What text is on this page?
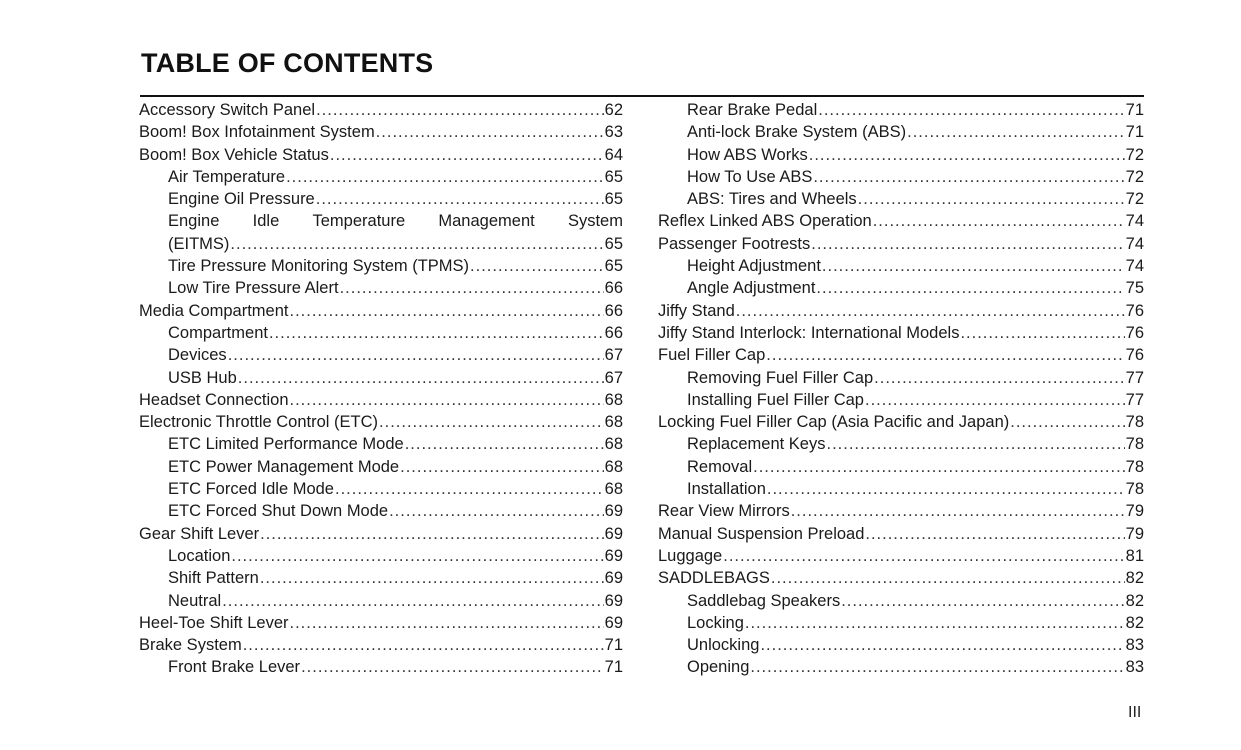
TABLE OF CONTENTS
Accessory Switch Panel .....	62
Boom! Box Infotainment System .....	63
Boom! Box Vehicle Status .....	64
Air Temperature .....	65
Engine Oil Pressure .....	65
Engine Idle Temperature Management System
(EITMS) .....	65
Tire Pressure Monitoring System (TPMS) .....	65
Low Tire Pressure Alert .....	66
Media Compartment .....	66
Compartment .....	66
Devices .....	67
USB Hub .....	67
Headset Connection .....	68
Electronic Throttle Control (ETC) .....	68
ETC Limited Performance Mode .....	68
ETC Power Management Mode .....	68
ETC Forced Idle Mode .....	68
ETC Forced Shut Down Mode .....	69
Gear Shift Lever .....	69
Location .....	69
Shift Pattern .....	69
Neutral .....	69
Heel-Toe Shift Lever .....	69
Brake System .....	71
Front Brake Lever .....	71
Rear Brake Pedal .....	71
Anti-lock Brake System (ABS) .....	71
How ABS Works .....	72
How To Use ABS .....	72
ABS: Tires and Wheels .....	72
Reflex Linked ABS Operation .....	74
Passenger Footrests .....	74
Height Adjustment .....	74
Angle Adjustment .....	75
Jiffy Stand .....	76
Jiffy Stand Interlock: International Models .....	76
Fuel Filler Cap .....	76
Removing Fuel Filler Cap .....	77
Installing Fuel Filler Cap .....	77
Locking Fuel Filler Cap (Asia Pacific and Japan) .....	78
Replacement Keys .....	78
Removal .....	78
Installation .....	78
Rear View Mirrors .....	79
Manual Suspension Preload .....	79
Luggage .....	81
SADDLEBAGS .....	82
Saddlebag Speakers .....	82
Locking .....	82
Unlocking .....	83
Opening .....	83
III
